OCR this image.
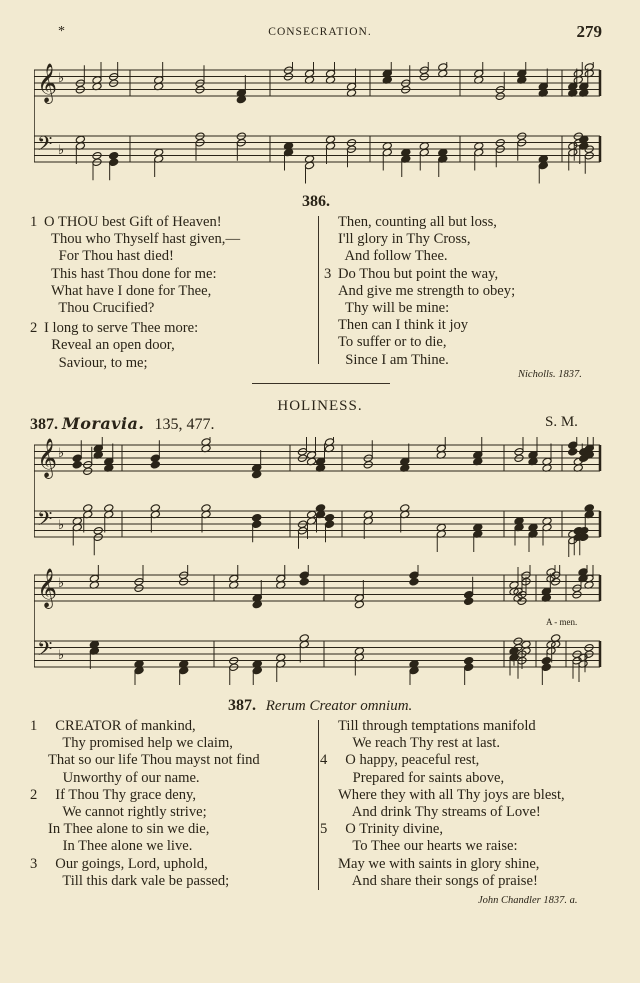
*	CONSECRATION.	279
𝄞 ♭
𝄢 ♭
386.
1 O THOU best Gift of Heaven!
Thou who Thyself hast given,—
For Thou hast died!
This hast Thou done for me:
What have I done for Thee,
Thou Crucified?
2 I long to serve Thee more:
Reveal an open door,
Saviour, to me;
Then, counting all but loss,
I'll glory in Thy Cross,
And follow Thee.
3 Do Thou but point the way,
And give me strength to obey;
Thy will be mine:
Then can I think it joy
To suffer or to die,
Since I am Thine.
Nicholls. 1837.
HOLINESS.
387. Moravia. 135, 477.	S. M.
𝄞 ♭
𝄢 ♭
𝄞 ♭
𝄢 ♭
A - men.
387. Rerum Creator omnium.
1 CREATOR of mankind,
Thy promised help we claim,
That so our life Thou mayst not find
Unworthy of our name.
2 If Thou Thy grace deny,
We cannot rightly strive;
In Thee alone to sin we die,
In Thee alone we live.
3 Our goings, Lord, uphold,
Till this dark vale be passed;
Till through temptations manifold
We reach Thy rest at last.
4 O happy, peaceful rest,
Prepared for saints above,
Where they with all Thy joys are blest,
And drink Thy streams of Love!
5 O Trinity divine,
To Thee our hearts we raise:
May we with saints in glory shine,
And share their songs of praise!
John Chandler 1837. a.
